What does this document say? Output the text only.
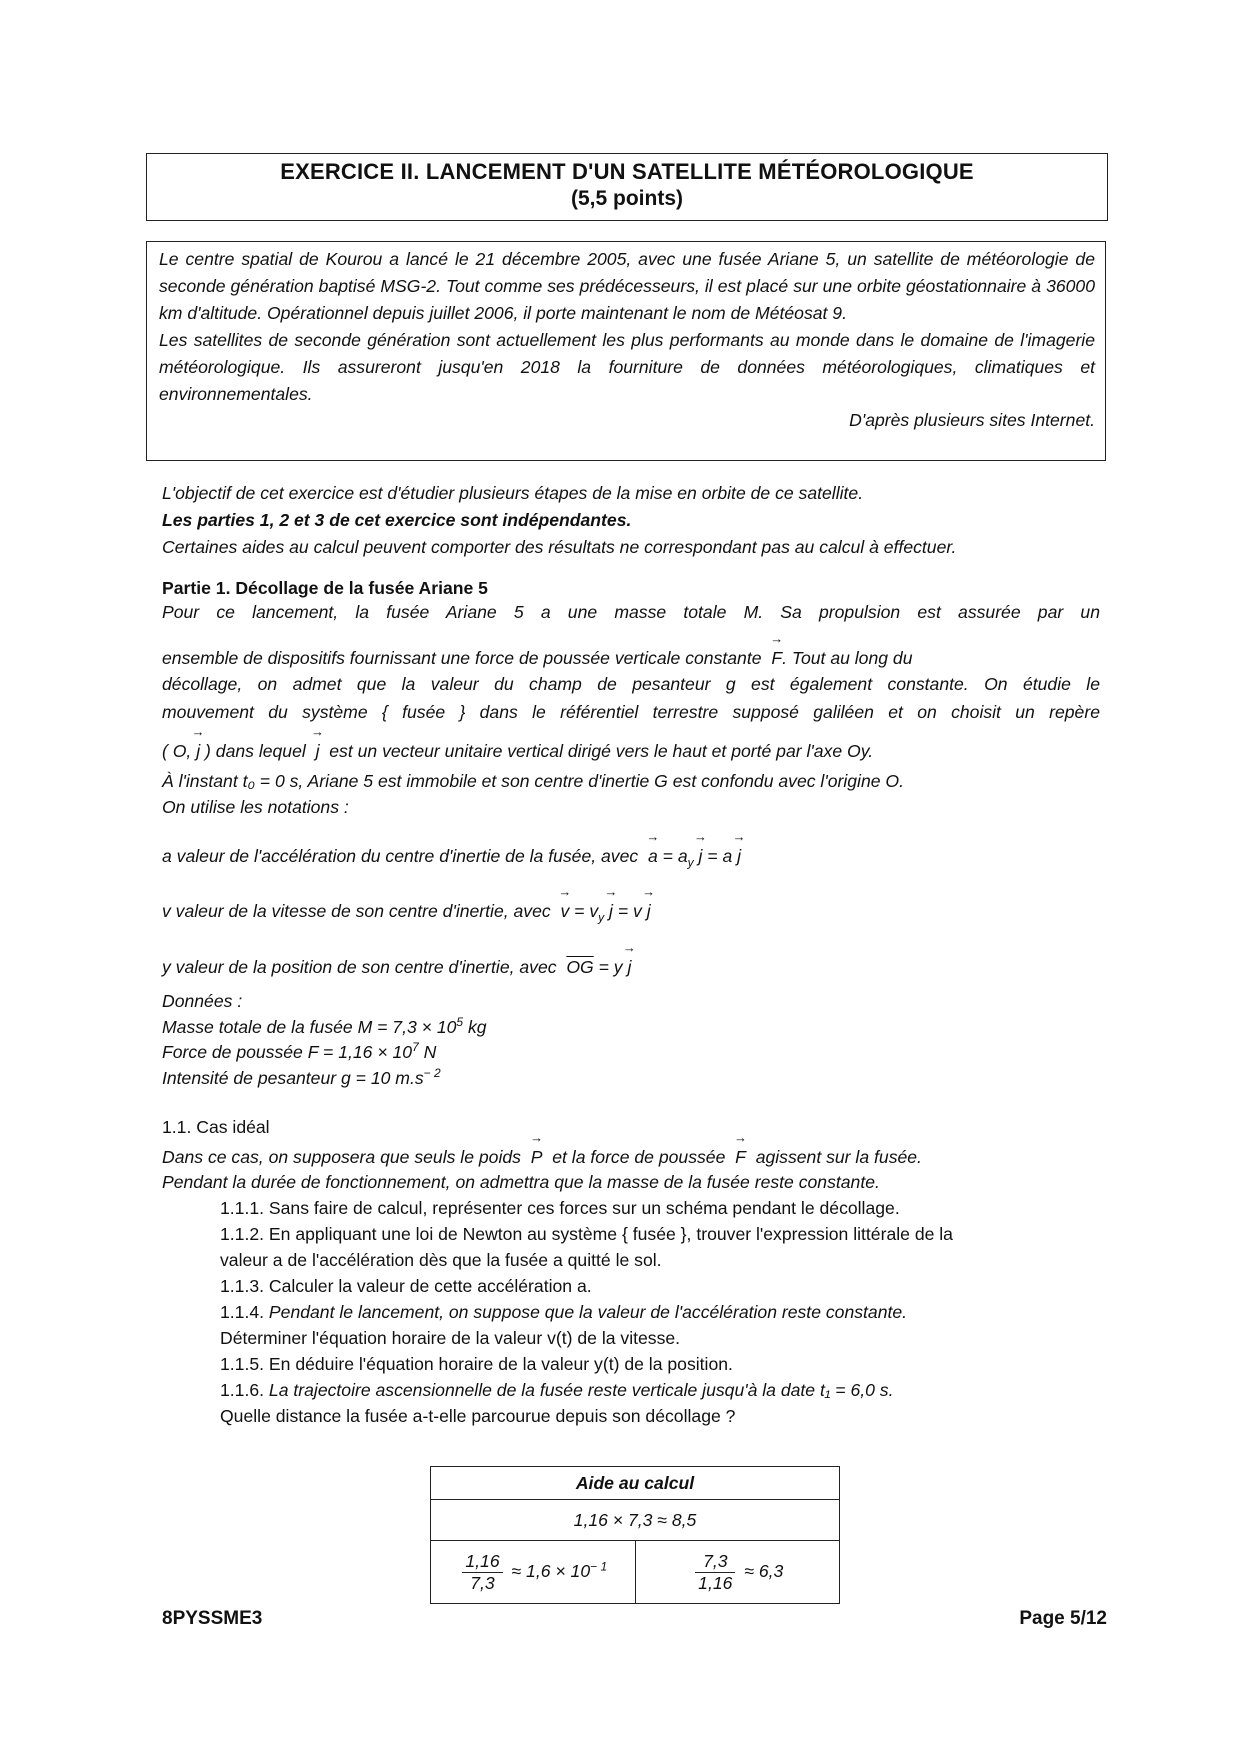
EXERCICE II. LANCEMENT D'UN SATELLITE MÉTÉOROLOGIQUE
(5,5 points)
Le centre spatial de Kourou a lancé le 21 décembre 2005, avec une fusée Ariane 5, un satellite de météorologie de seconde génération baptisé MSG-2. Tout comme ses prédécesseurs, il est placé sur une orbite géostationnaire à 36000 km d'altitude. Opérationnel depuis juillet 2006, il porte maintenant le nom de Météosat 9.
Les satellites de seconde génération sont actuellement les plus performants au monde dans le domaine de l'imagerie météorologique. Ils assureront jusqu'en 2018 la fourniture de données météorologiques, climatiques et environnementales.
D'après plusieurs sites Internet.
L'objectif de cet exercice est d'étudier plusieurs étapes de la mise en orbite de ce satellite.
Les parties 1, 2 et 3 de cet exercice sont indépendantes.
Certaines aides au calcul peuvent comporter des résultats ne correspondant pas au calcul à effectuer.
Partie 1. Décollage de la fusée Ariane 5
Pour ce lancement, la fusée Ariane 5 a une masse totale M. Sa propulsion est assurée par un
ensemble de dispositifs fournissant une force de poussée verticale constante → F. Tout au long du
décollage, on admet que la valeur du champ de pesanteur g est également constante. On étudie le
mouvement du système { fusée } dans le référentiel terrestre supposé galiléen et on choisit un repère
( O, → j ) dans lequel → j est un vecteur unitaire vertical dirigé vers le haut et porté par l'axe Oy.
À l'instant t₀ = 0 s, Ariane 5 est immobile et son centre d'inertie G est confondu avec l'origine O.
On utilise les notations :
a valeur de l'accélération du centre d'inertie de la fusée, avec → $a = a_y \to j = a \to j$
v valeur de la vitesse de son centre d'inertie, avec → $v = v_y \to j = v \to j$
y valeur de la position de son centre d'inertie, avec $\overline{OG} = y \to j$
Données :
Masse totale de la fusée $M = 7,3 \times 10^5$ kg
Force de poussée $F = 1,16 \times 10^7$ N
Intensité de pesanteur g = 10 $m.s^{- 2}$
1.1. Cas idéal
Dans ce cas, on supposera que seuls le poids → P et la force de poussée → F agissent sur la fusée.
Pendant la durée de fonctionnement, on admettra que la masse de la fusée reste constante.
1.1.1. Sans faire de calcul, représenter ces forces sur un schéma pendant le décollage.
1.1.2. En appliquant une loi de Newton au système { fusée }, trouver l'expression littérale de la
valeur a de l'accélération dès que la fusée a quitté le sol.
1.1.3. Calculer la valeur de cette accélération a.
1.1.4. Pendant le lancement, on suppose que la valeur de l'accélération reste constante.
Déterminer l'équation horaire de la valeur v(t) de la vitesse.
1.1.5. En déduire l'équation horaire de la valeur y(t) de la position.
1.1.6. La trajectoire ascensionnelle de la fusée reste verticale jusqu'à la date t₁ = 6,0 s.
Quelle distance la fusée a-t-elle parcourue depuis son décollage ?
Aide au calcul
1,16 × 7,3 ≈ 8,5

$\frac{1,16}{7,3} \approx 1,6 \times 10^{- 1}$	$\frac{7,3}{1,16} \approx 6,3$
8PYSSME3	Page 5/12
